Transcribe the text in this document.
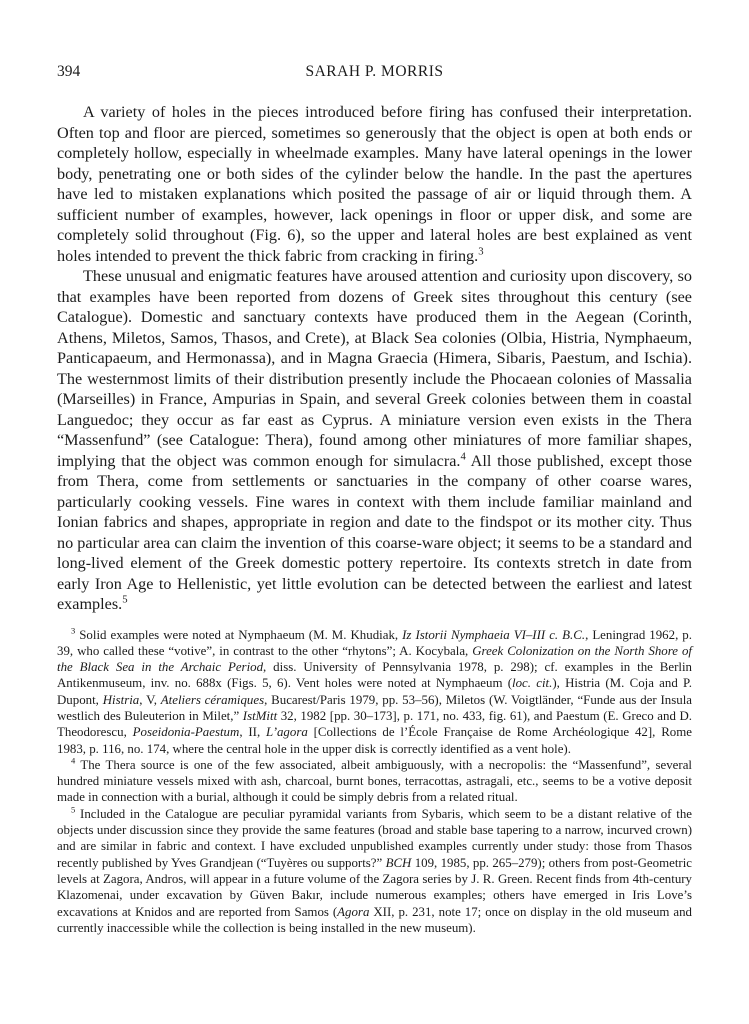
394	SARAH P. MORRIS

A variety of holes in the pieces introduced before firing has confused their interpretation. Often top and floor are pierced, sometimes so generously that the object is open at both ends or completely hollow, especially in wheelmade examples. Many have lateral openings in the lower body, penetrating one or both sides of the cylinder below the handle. In the past the apertures have led to mistaken explanations which posited the passage of air or liquid through them. A sufficient number of examples, however, lack openings in floor or upper disk, and some are completely solid throughout (Fig. 6), so the upper and lateral holes are best explained as vent holes intended to prevent the thick fabric from cracking in firing.$^3$

These unusual and enigmatic features have aroused attention and curiosity upon discovery, so that examples have been reported from dozens of Greek sites throughout this century (see Catalogue). Domestic and sanctuary contexts have produced them in the Aegean (Corinth, Athens, Miletos, Samos, Thasos, and Crete), at Black Sea colonies (Olbia, Histria, Nymphaeum, Panticapaeum, and Hermonassa), and in Magna Graecia (Himera, Sibaris, Paestum, and Ischia). The westernmost limits of their distribution presently include the Phocaean colonies of Massalia (Marseilles) in France, Ampurias in Spain, and several Greek colonies between them in coastal Languedoc; they occur as far east as Cyprus. A miniature version even exists in the Thera “Massenfund” (see Catalogue: Thera), found among other miniatures of more familiar shapes, implying that the object was common enough for simulacra.$^4$ All those published, except those from Thera, come from settlements or sanctuaries in the company of other coarse wares, particularly cooking vessels. Fine wares in context with them include familiar mainland and Ionian fabrics and shapes, appropriate in region and date to the findspot or its mother city. Thus no particular area can claim the invention of this coarse-ware object; it seems to be a standard and long-lived element of the Greek domestic pottery repertoire. Its contexts stretch in date from early Iron Age to Hellenistic, yet little evolution can be detected between the earliest and latest examples.$^5$

$^3$ Solid examples were noted at Nymphaeum (M. M. Khudiak, Iz Istorii Nymphaeia VI–III c. B.C., Leningrad 1962, p. 39, who called these “votive”, in contrast to the other “rhytons”; A. Kocybala, Greek Colonization on the North Shore of the Black Sea in the Archaic Period, diss. University of Pennsylvania 1978, p. 298); cf. examples in the Berlin Antikenmuseum, inv. no. 688x (Figs. 5, 6). Vent holes were noted at Nymphaeum (loc. cit.), Histria (M. Coja and P. Dupont, Histria, V, Ateliers céramiques, Bucarest/Paris 1979, pp. 53–56), Miletos (W. Voigtländer, “Funde aus der Insula westlich des Buleuterion in Milet,” IstMitt 32, 1982 [pp. 30–173], p. 171, no. 433, fig. 61), and Paestum (E. Greco and D. Theodorescu, Poseidonia-Paestum, II, L’agora [Collections de l’École Française de Rome Archéologique 42], Rome 1983, p. 116, no. 174, where the central hole in the upper disk is correctly identified as a vent hole).

$^4$ The Thera source is one of the few associated, albeit ambiguously, with a necropolis: the “Massenfund”, several hundred miniature vessels mixed with ash, charcoal, burnt bones, terracottas, astragali, etc., seems to be a votive deposit made in connection with a burial, although it could be simply debris from a related ritual.

$^5$ Included in the Catalogue are peculiar pyramidal variants from Sybaris, which seem to be a distant relative of the objects under discussion since they provide the same features (broad and stable base tapering to a narrow, incurved crown) and are similar in fabric and context. I have excluded unpublished examples currently under study: those from Thasos recently published by Yves Grandjean (“Tuyères ou supports?” BCH 109, 1985, pp. 265–279); others from post-Geometric levels at Zagora, Andros, will appear in a future volume of the Zagora series by J. R. Green. Recent finds from 4th-century Klazomenai, under excavation by Güven Bakır, include numerous examples; others have emerged in Iris Love’s excavations at Knidos and are reported from Samos (Agora XII, p. 231, note 17; once on display in the old museum and currently inaccessible while the collection is being installed in the new museum).
